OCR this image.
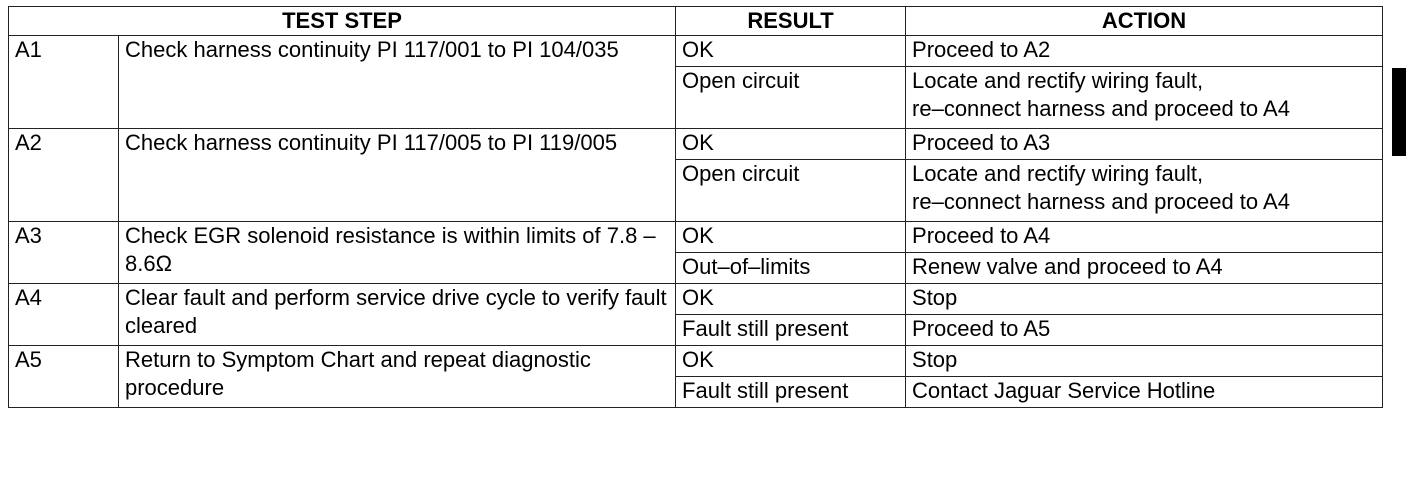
TEST STEP		RESULT	ACTION
A1	Check harness continuity PI 117/001 to PI 104/035	OK	Proceed to A2
		Open circuit	Locate and rectify wiring fault,
re–connect harness and proceed to A4

A2	Check harness continuity PI 117/005 to PI 119/005	OK	Proceed to A3
		Open circuit	Locate and rectify wiring fault,
re–connect harness and proceed to A4

A3	Check EGR solenoid resistance is within limits of 7.8 – 8.6Ω	OK	Proceed to A4
		Out–of–limits	Renew valve and proceed to A4
A4	Clear fault and perform service drive cycle to verify fault cleared	OK	Stop
		Fault still present	Proceed to A5
A5	Return to Symptom Chart and repeat diagnostic procedure	OK	Stop
		Fault still present	Contact Jaguar Service Hotline
